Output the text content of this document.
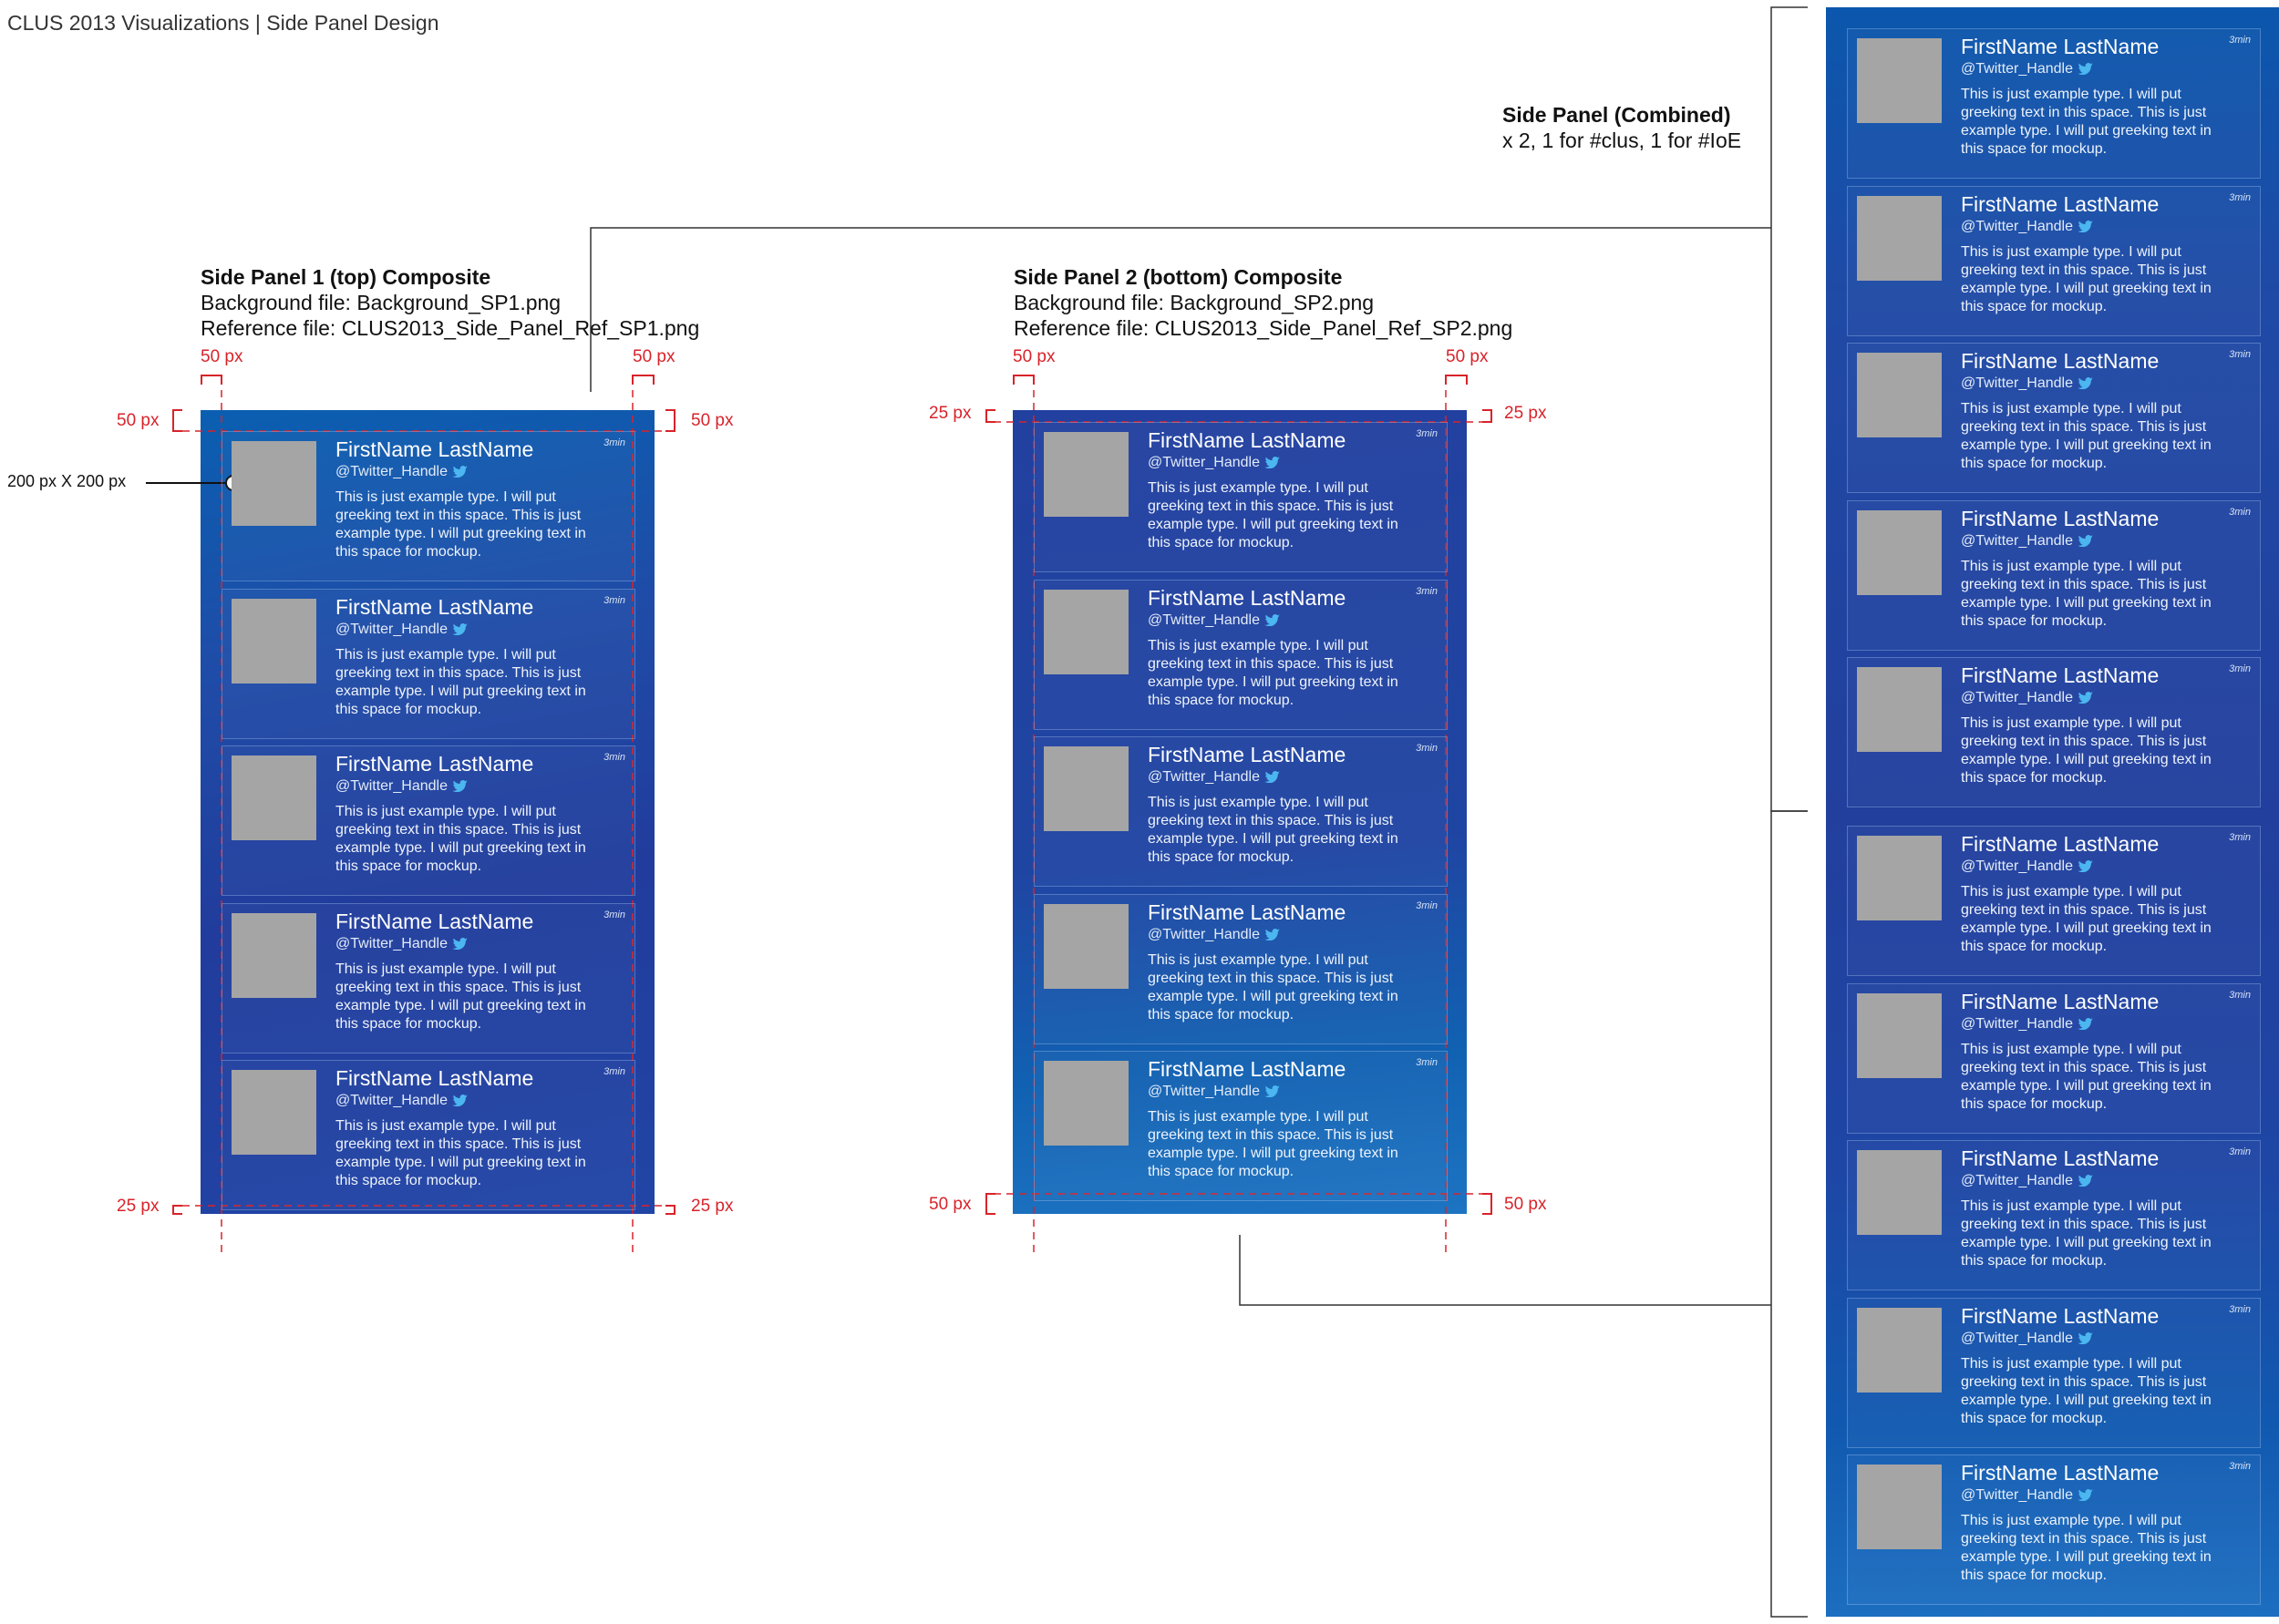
CLUS 2013 Visualizations | Side Panel Design
Side Panel 1 (top) Composite
Background file: Background_SP1.png
Reference file: CLUS2013_Side_Panel_Ref_SP1.png
Side Panel 2 (bottom) Composite
Background file: Background_SP2.png
Reference file: CLUS2013_Side_Panel_Ref_SP2.png
Side Panel (Combined)
x 2, 1 for #clus, 1 for #IoE
50 px	50 px
50 px	50 px
25 px	25 px
50 px	50 px
25 px	25 px
50 px	50 px
200 px X 200 px
FirstName LastName
@Twitter_Handle
3min
This is just example type. I will put greeking text in this space. This is just example type. I will put greeking text in this space for mockup.
FirstName LastName
@Twitter_Handle
3min
This is just example type. I will put greeking text in this space. This is just example type. I will put greeking text in this space for mockup.
FirstName LastName
@Twitter_Handle
3min
This is just example type. I will put greeking text in this space. This is just example type. I will put greeking text in this space for mockup.
FirstName LastName
@Twitter_Handle
3min
This is just example type. I will put greeking text in this space. This is just example type. I will put greeking text in this space for mockup.
FirstName LastName
@Twitter_Handle
3min
This is just example type. I will put greeking text in this space. This is just example type. I will put greeking text in this space for mockup.
FirstName LastName
@Twitter_Handle
3min
This is just example type. I will put greeking text in this space. This is just example type. I will put greeking text in this space for mockup.
FirstName LastName
@Twitter_Handle
3min
This is just example type. I will put greeking text in this space. This is just example type. I will put greeking text in this space for mockup.
FirstName LastName
@Twitter_Handle
3min
This is just example type. I will put greeking text in this space. This is just example type. I will put greeking text in this space for mockup.
FirstName LastName
@Twitter_Handle
3min
This is just example type. I will put greeking text in this space. This is just example type. I will put greeking text in this space for mockup.
FirstName LastName
@Twitter_Handle
3min
This is just example type. I will put greeking text in this space. This is just example type. I will put greeking text in this space for mockup.
FirstName LastName
@Twitter_Handle
3min
This is just example type. I will put greeking text in this space. This is just example type. I will put greeking text in this space for mockup.
FirstName LastName
@Twitter_Handle
3min
This is just example type. I will put greeking text in this space. This is just example type. I will put greeking text in this space for mockup.
FirstName LastName
@Twitter_Handle
3min
This is just example type. I will put greeking text in this space. This is just example type. I will put greeking text in this space for mockup.
FirstName LastName
@Twitter_Handle
3min
This is just example type. I will put greeking text in this space. This is just example type. I will put greeking text in this space for mockup.
FirstName LastName
@Twitter_Handle
3min
This is just example type. I will put greeking text in this space. This is just example type. I will put greeking text in this space for mockup.
FirstName LastName
@Twitter_Handle
3min
This is just example type. I will put greeking text in this space. This is just example type. I will put greeking text in this space for mockup.
FirstName LastName
@Twitter_Handle
3min
This is just example type. I will put greeking text in this space. This is just example type. I will put greeking text in this space for mockup.
FirstName LastName
@Twitter_Handle
3min
This is just example type. I will put greeking text in this space. This is just example type. I will put greeking text in this space for mockup.
FirstName LastName
@Twitter_Handle
3min
This is just example type. I will put greeking text in this space. This is just example type. I will put greeking text in this space for mockup.
FirstName LastName
@Twitter_Handle
3min
This is just example type. I will put greeking text in this space. This is just example type. I will put greeking text in this space for mockup.
